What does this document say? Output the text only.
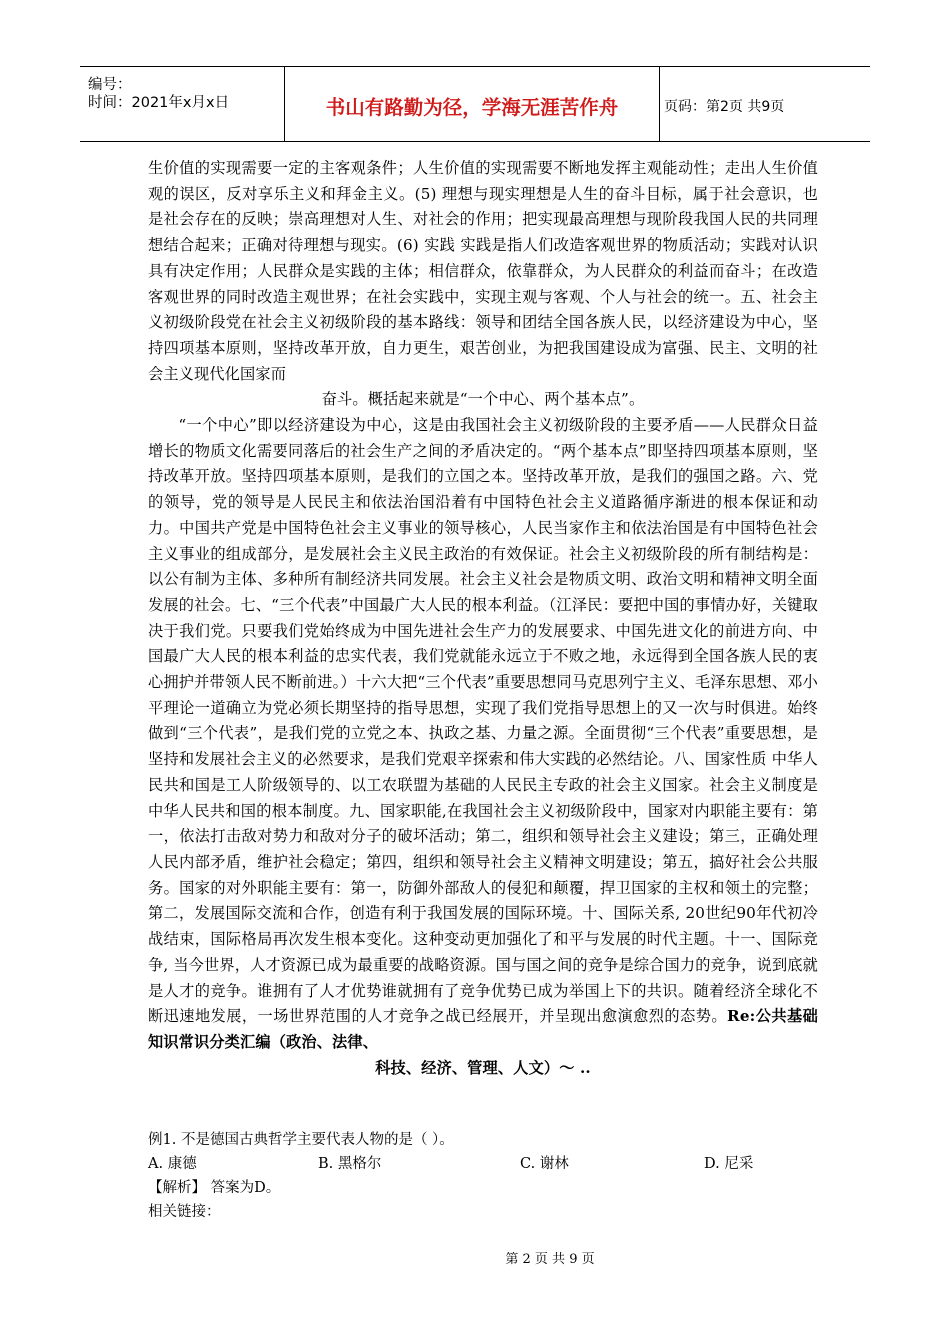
编号：
时间：2021年x月x日	书山有路勤为径，学海无涯苦作舟	页码：第2页 共9页

生价值的实现需要一定的主客观条件；人生价值的实现需要不断地发挥主观能动性；走出人生价值观的误区，反对享乐主义和拜金主义。(5) 理想与现实理想是人生的奋斗目标，属于社会意识，也是社会存在的反映；崇高理想对人生、对社会的作用；把实现最高理想与现阶段我国人民的共同理想结合起来；正确对待理想与现实。(6) 实践 实践是指人们改造客观世界的物质活动；实践对认识具有决定作用；人民群众是实践的主体；相信群众，依靠群众，为人民群众的利益而奋斗；在改造客观世界的同时改造主观世界；在社会实践中，实现主观与客观、个人与社会的统一。五、社会主义初级阶段党在社会主义初级阶段的基本路线：领导和团结全国各族人民，以经济建设为中心，坚持四项基本原则，坚持改革开放，自力更生，艰苦创业，为把我国建设成为富强、民主、文明的社会主义现代化国家而

奋斗。概括起来就是“一个中心、两个基本点”。

“一个中心”即以经济建设为中心，这是由我国社会主义初级阶段的主要矛盾——人民群众日益增长的物质文化需要同落后的社会生产之间的矛盾决定的。“两个基本点”即坚持四项基本原则，坚持改革开放。坚持四项基本原则，是我们的立国之本。坚持改革开放，是我们的强国之路。六、党的领导，党的领导是人民民主和依法治国沿着有中国特色社会主义道路循序渐进的根本保证和动力。中国共产党是中国特色社会主义事业的领导核心，人民当家作主和依法治国是有中国特色社会主义事业的组成部分，是发展社会主义民主政治的有效保证。社会主义初级阶段的所有制结构是：以公有制为主体、多种所有制经济共同发展。社会主义社会是物质文明、政治文明和精神文明全面发展的社会。七、“三个代表”中国最广大人民的根本利益。（江泽民：要把中国的事情办好，关键取决于我们党。只要我们党始终成为中国先进社会生产力的发展要求、中国先进文化的前进方向、中国最广大人民的根本利益的忠实代表，我们党就能永远立于不败之地，永远得到全国各族人民的衷心拥护并带领人民不断前进。）十六大把“三个代表”重要思想同马克思列宁主义、毛泽东思想、邓小平理论一道确立为党必须长期坚持的指导思想，实现了我们党指导思想上的又一次与时俱进。始终做到“三个代表”，是我们党的立党之本、执政之基、力量之源。全面贯彻“三个代表”重要思想，是坚持和发展社会主义的必然要求，是我们党艰辛探索和伟大实践的必然结论。八、国家性质 中华人民共和国是工人阶级领导的、以工农联盟为基础的人民民主专政的社会主义国家。社会主义制度是中华人民共和国的根本制度。九、国家职能,在我国社会主义初级阶段中，国家对内职能主要有：第一，依法打击敌对势力和敌对分子的破坏活动；第二，组织和领导社会主义建设；第三，正确处理人民内部矛盾，维护社会稳定；第四，组织和领导社会主义精神文明建设；第五，搞好社会公共服务。国家的对外职能主要有：第一，防御外部敌人的侵犯和颠覆，捍卫国家的主权和领土的完整；第二，发展国际交流和合作，创造有利于我国发展的国际环境。十、国际关系, 20世纪90年代初冷战结束，国际格局再次发生根本变化。这种变动更加强化了和平与发展的时代主题。十一、国际竞争, 当今世界，人才资源已成为最重要的战略资源。国与国之间的竞争是综合国力的竞争，说到底就是人才的竞争。谁拥有了人才优势谁就拥有了竞争优势已成为举国上下的共识。随着经济全球化不断迅速地发展，一场世界范围的人才竞争之战已经展开，并呈现出愈演愈烈的态势。Re:公共基础知识常识分类汇编（政治、法律、

科技、经济、管理、人文）～ ..

例1. 不是德国古典哲学主要代表人物的是（ ）。
A. 康德	B. 黑格尔	C. 谢林	D. 尼采
【解析】 答案为D。
相关链接：
第 2 页 共 9 页
